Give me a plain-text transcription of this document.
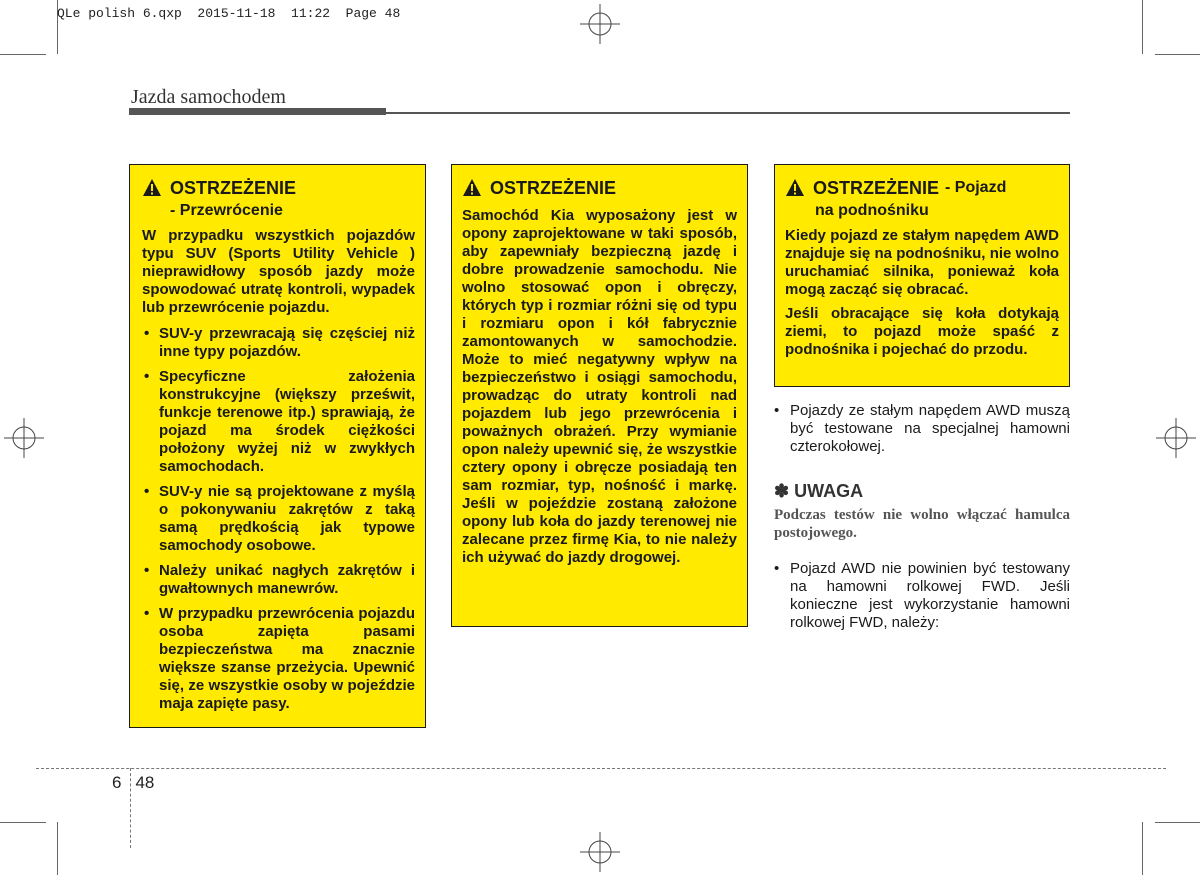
QLe polish 6.qxp  2015-11-18  11:22  Page 48
Jazda samochodem
OSTRZEŻENIE
- Przewrócenie

W przypadku wszystkich pojazdów typu SUV (Sports Utility Vehicle ) nieprawidłowy sposób jazdy może spowodować utratę kontroli, wypadek lub przewrócenie pojazdu.

• SUV-y przewracają się częściej niż inne typy pojazdów.
• Specyficzne założenia konstrukcyjne (większy prześwit, funkcje terenowe itp.) sprawiają, że pojazd ma środek ciężkości położony wyżej niż w zwykłych samochodach.
• SUV-y nie są projektowane z myślą o pokonywaniu zakrętów z taką samą prędkością jak typowe samochody osobowe.
• Należy unikać nagłych zakrętów i gwałtownych manewrów.
• W przypadku przewrócenia pojazdu osoba zapięta pasami bezpieczeństwa ma znacznie większe szanse przeżycia. Upewnić się, ze wszystkie osoby w pojeździe maja zapięte pasy.
OSTRZEŻENIE

Samochód Kia wyposażony jest w opony zaprojektowane w taki sposób, aby zapewniały bezpieczną jazdę i dobre prowadzenie samochodu. Nie wolno stosować opon i obręczy, których typ i rozmiar różni się od typu i rozmiaru opon i kół fabrycznie zamontowanych w samochodzie. Może to mieć negatywny wpływ na bezpieczeństwo i osiągi samochodu, prowadząc do utraty kontroli nad pojazdem lub jego przewrócenia i poważnych obrażeń. Przy wymianie opon należy upewnić się, że wszystkie cztery opony i obręcze posiadają ten sam rozmiar, typ, nośność i markę. Jeśli w pojeździe zostaną założone opony lub koła do jazdy terenowej nie zalecane przez firmę Kia, to nie należy ich używać do jazdy drogowej.

OSTRZEŻENIE - Pojazd
na podnośniku

Kiedy pojazd ze stałym napędem AWD znajduje się na podnośniku, nie wolno uruchamiać silnika, ponieważ koła mogą zacząć się obracać.

Jeśli obracające się koła dotykają ziemi, to pojazd może spaść z podnośnika i pojechać do przodu.

• Pojazdy ze stałym napędem AWD muszą być testowane na specjalnej hamowni czterokołowej.
✽ UWAGA
Podczas testów nie wolno włączać hamulca postojowego.
• Pojazd AWD nie powinien być testowany na hamowni rolkowej FWD. Jeśli konieczne jest wykorzystanie hamowni rolkowej FWD, należy:
6 48
